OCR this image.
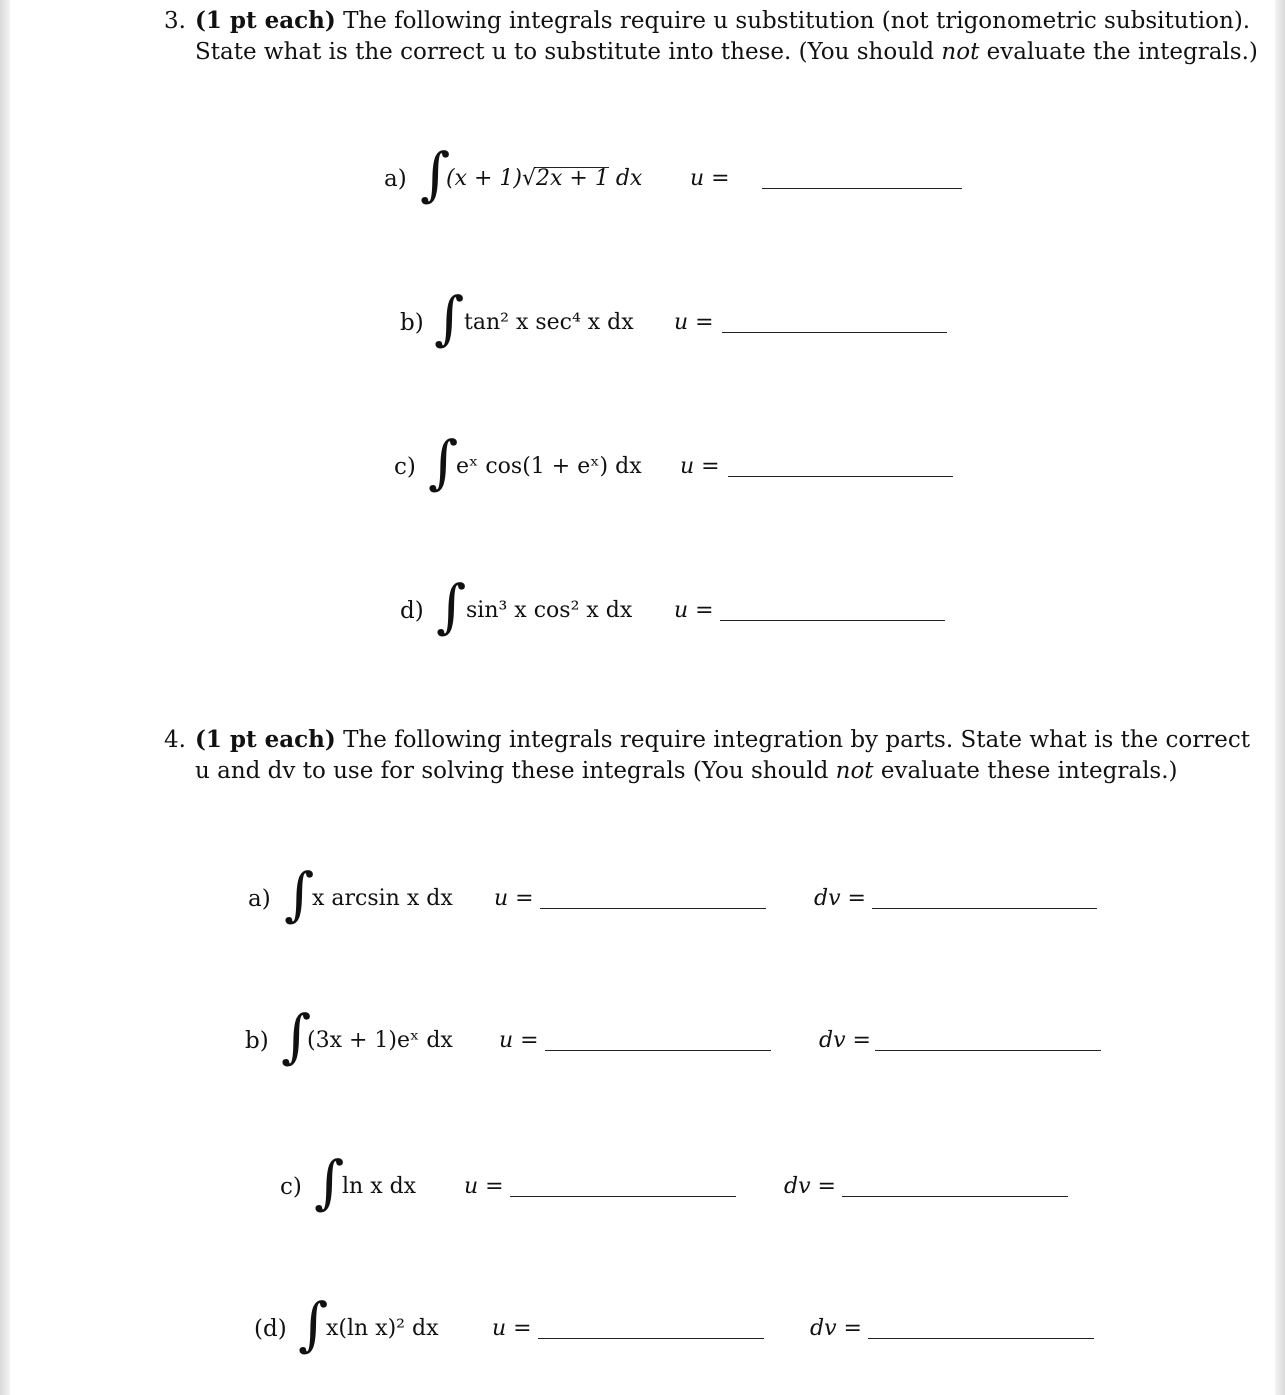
3. (1 pt each) The following integrals require u substitution (not trigonometric subsitution).
State what is the correct u to substitute into these. (You should not evaluate the integrals.)
a) ∫
(x + 1)√2x + 1 dx u =
b) ∫ tan² x sec⁴ x dx u =
c) ∫
eˣ cos(1 + eˣ) dx u =
d) ∫ sin³ x cos² x dx u =
4. (1 pt each) The following integrals require integration by parts. State what is the correct
u and dv to use for solving these integrals (You should not evaluate these integrals.)
a) ∫
x arcsin x dx u =	dv =
b) ∫
(3x + 1)eˣ dx u =	dv =
c) ∫
ln x dx u =	dv =
(d) ∫
x(ln x)² dx u =	dv =
